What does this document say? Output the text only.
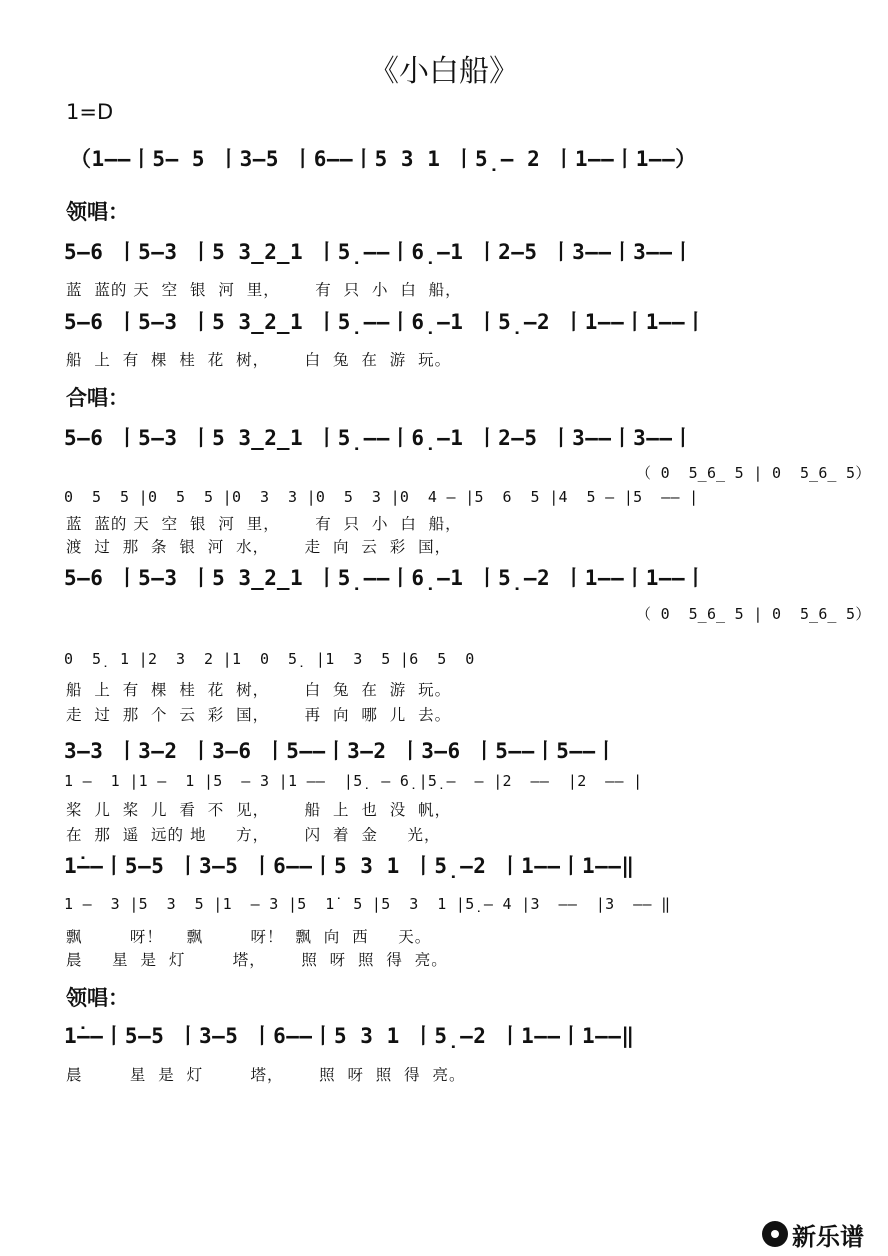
《小白船》
1=D
（1——丨5— 5 丨3—5 丨6——丨5 3 1 丨5̣— 2 丨1——丨1——）
领唱：
5—6 丨5—3 丨5 3̲2̲1 丨5̣——丨6̣—1 丨2—5 丨3——丨3——丨
蓝  蓝的 天  空  银  河  里，      有  只  小  白  船，
5—6 丨5—3 丨5 3̲2̲1 丨5̣——丨6̣—1 丨5̣—2 丨1——丨1——丨
船  上  有  棵  桂  花  树，      白  兔  在  游  玩。
合唱：
5—6 丨5—3 丨5 3̲2̲1 丨5̣——丨6̣—1 丨2—5 丨3——丨3——丨
（ 0  5̲6̲ 5 | 0  5̲6̲ 5）
0  5  5 |0  5  5 |0  3  3 |0  5  3 |0  4 — |5  6  5 |4  5 — |5  —— |
蓝  蓝的 天  空  银  河  里，      有  只  小  白  船，
渡  过  那  条  银  河  水，      走  向  云  彩  国，
5—6 丨5—3 丨5 3̲2̲1 丨5̣——丨6̣—1 丨5̣—2 丨1——丨1——丨
（ 0  5̲6̲ 5 | 0  5̲6̲ 5）
0  5̣  1 |2  3  2 |1  0  5̣  |1  3  5 |6  5  0
船  上  有  棵  桂  花  树，      白  兔  在  游  玩。
走  过  那  个  云  彩  国，      再  向  哪  儿  去。
3—3 丨3—2 丨3—6 丨5——丨3—2 丨3—6 丨5——丨5——丨
1 —  1 |1 —  1 |5  — 3 |1 ——  |5̣  — 6̣ |5̣ —  — |2  ——  |2  —— |
桨  儿  桨  儿  看  不  见，      船  上  也  没  帆，
在  那  遥  远的 地     方，      闪  着  金     光，
1̇——丨5—5 丨3—5 丨6——丨5 3 1 丨5̣—2 丨1——丨1——‖
1 —  3 |5  3  5 |1  — 3 |5  1̇  5 |5  3  1 |5̣ — 4 |3  ——  |3  —— ‖
飘        呀！    飘        呀！  飘  向  西     天。
晨     星  是  灯        塔，      照  呀  照  得  亮。
领唱：
1̇——丨5—5 丨3—5 丨6——丨5 3 1 丨5̣—2 丨1——丨1——‖
晨        星  是  灯        塔，      照  呀  照  得  亮。
新乐谱
